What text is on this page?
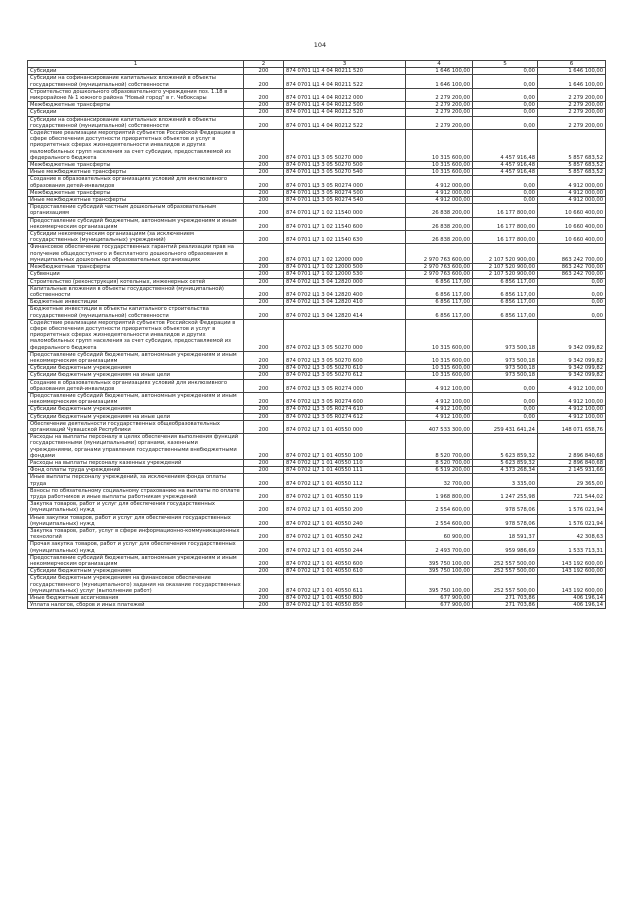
104
1	2	3	4	5	6
Субсидии	200	874 0701 Ц1 4 04 R0211 520	1 646 100,00	0,00	1 646 100,00
Субсидии на софинансирование капитальных вложений в объекты государственной (муниципальной) собственности	200	874 0701 Ц1 4 04 R0211 522	1 646 100,00	0,00	1 646 100,00
Строительство дошкольного образовательного учреждения поз. 1.18 в микрорайоне № 1 южного района "Новый город" в г. Чебоксары	200	874 0701 Ц1 4 04 R0212 000	2 279 200,00	0,00	2 279 200,00
Межбюджетные трансферты	200	874 0701 Ц1 4 04 R0212 500	2 279 200,00	0,00	2 279 200,00
Субсидии	200	874 0701 Ц1 4 04 R0212 520	2 279 200,00	0,00	2 279 200,00
Субсидии на софинансирование капитальных вложений в объекты государственной (муниципальной) собственности	200	874 0701 Ц1 4 04 R0212 522	2 279 200,00	0,00	2 279 200,00
Содействие реализации мероприятий субъектов Российской Федерации в сфере обеспечения доступности приоритетных объектов и услуг в приоритетных сферах жизнедеятельности инвалидов и других маломобильных групп населения за счет субсидии, предоставляемой из федерального бюджета	200	874 0701 Ц3 3 05 50270 000	10 315 600,00	4 457 916,48	5 857 683,52
Межбюджетные трансферты	200	874 0701 Ц3 3 05 50270 500	10 315 600,00	4 457 916,48	5 857 683,52
Иные межбюджетные трансферты	200	874 0701 Ц3 3 05 50270 540	10 315 600,00	4 457 916,48	5 857 683,52
Создание в образовательных организациях условий для инклюзивного образования детей-инвалидов	200	874 0701 Ц3 3 05 R0274 000	4 912 000,00	0,00	4 912 000,00
Межбюджетные трансферты	200	874 0701 Ц3 3 05 R0274 500	4 912 000,00	0,00	4 912 000,00
Иные межбюджетные трансферты	200	874 0701 Ц3 3 05 R0274 540	4 912 000,00	0,00	4 912 000,00
Предоставление субсидий частным дошкольным образовательным организациям	200	874 0701 Ц7 1 02 11540 000	26 838 200,00	16 177 800,00	10 660 400,00
Предоставление субсидий бюджетным, автономным учреждениям и иным некоммерческим организациям	200	874 0701 Ц7 1 02 11540 600	26 838 200,00	16 177 800,00	10 660 400,00
Субсидии некоммерческим организациям (за исключением государственных (муниципальных) учреждений)	200	874 0701 Ц7 1 02 11540 630	26 838 200,00	16 177 800,00	10 660 400,00
Финансовое обеспечение государственных гарантий реализации прав на получение общедоступного и бесплатного дошкольного образования в муниципальных дошкольных образовательных организациях	200	874 0701 Ц7 1 02 12000 000	2 970 763 600,00	2 107 520 900,00	863 242 700,00
Межбюджетные трансферты	200	874 0701 Ц7 1 02 12000 500	2 970 763 600,00	2 107 520 900,00	863 242 700,00
Субвенции	200	874 0701 Ц7 1 02 12000 530	2 970 763 600,00	2 107 520 900,00	863 242 700,00
Строительство (реконструкция) котельных, инженерных сетей	200	874 0702 Ц1 3 04 12820 000	6 856 117,00	6 856 117,00	0,00
Капитальные вложения в объекты государственной (муниципальной) собственности	200	874 0702 Ц1 3 04 12820 400	6 856 117,00	6 856 117,00	0,00
Бюджетные инвестиции	200	874 0702 Ц1 3 04 12820 410	6 856 117,00	6 856 117,00	0,00
Бюджетные инвестиции в объекты капитального строительства государственной (муниципальной) собственности	200	874 0702 Ц1 3 04 12820 414	6 856 117,00	6 856 117,00	0,00
Содействие реализации мероприятий субъектов Российской Федерации в сфере обеспечения доступности приоритетных объектов и услуг в приоритетных сферах жизнедеятельности инвалидов и других маломобильных групп населения за счет субсидии, предоставляемой из федерального бюджета	200	874 0702 Ц3 3 05 50270 000	10 315 600,00	973 500,18	9 342 099,82
Предоставление субсидий бюджетным, автономным учреждениям и иным некоммерческим организациям	200	874 0702 Ц3 3 05 50270 600	10 315 600,00	973 500,18	9 342 099,82
Субсидии бюджетным учреждениям	200	874 0702 Ц3 3 05 50270 610	10 315 600,00	973 500,18	9 342 099,82
Субсидии бюджетным учреждениям на иные цели	200	874 0702 Ц3 3 05 50270 612	10 315 600,00	973 500,18	9 342 099,82
Создание в образовательных организациях условий для инклюзивного образования детей-инвалидов	200	874 0702 Ц3 3 05 R0274 000	4 912 100,00	0,00	4 912 100,00
Предоставление субсидий бюджетным, автономным учреждениям и иным некоммерческим организациям	200	874 0702 Ц3 3 05 R0274 600	4 912 100,00	0,00	4 912 100,00
Субсидии бюджетным учреждениям	200	874 0702 Ц3 3 05 R0274 610	4 912 100,00	0,00	4 912 100,00
Субсидии бюджетным учреждениям на иные цели	200	874 0702 Ц3 3 05 R0274 612	4 912 100,00	0,00	4 912 100,00
Обеспечение деятельности государственных общеобразовательных организаций Чувашской Республики	200	874 0702 Ц7 1 01 40550 000	407 533 300,00	259 431 641,24	148 071 658,76
Расходы на выплаты персоналу в целях обеспечения выполнения функций государственными (муниципальными) органами, казенными учреждениями, органами управления государственными внебюджетными фондами	200	874 0702 Ц7 1 01 40550 100	8 520 700,00	5 623 859,32	2 896 840,68
Расходы на выплаты персоналу казенных учреждений	200	874 0702 Ц7 1 01 40550 110	8 520 700,00	5 623 859,32	2 896 840,68
Фонд оплаты труда учреждений	200	874 0702 Ц7 1 01 40550 111	6 519 200,00	4 373 268,34	2 145 931,66
Иные выплаты персоналу учреждений, за исключением фонда оплаты труда	200	874 0702 Ц7 1 01 40550 112	32 700,00	3 335,00	29 365,00
Взносы по обязательному социальному страхованию на выплаты по оплате труда работников и иные выплаты работникам учреждений	200	874 0702 Ц7 1 01 40550 119	1 968 800,00	1 247 255,98	721 544,02
Закупка товаров, работ и услуг для обеспечения государственных (муниципальных) нужд	200	874 0702 Ц7 1 01 40550 200	2 554 600,00	978 578,06	1 576 021,94
Иные закупки товаров, работ и услуг для обеспечения государственных (муниципальных) нужд	200	874 0702 Ц7 1 01 40550 240	2 554 600,00	978 578,06	1 576 021,94
Закупка товаров, работ, услуг в сфере информационно-коммуникационных технологий	200	874 0702 Ц7 1 01 40550 242	60 900,00	18 591,37	42 308,63
Прочая закупка товаров, работ и услуг для обеспечения государственных (муниципальных) нужд	200	874 0702 Ц7 1 01 40550 244	2 493 700,00	959 986,69	1 533 713,31
Предоставление субсидий бюджетным, автономным учреждениям и иным некоммерческим организациям	200	874 0702 Ц7 1 01 40550 600	395 750 100,00	252 557 500,00	143 192 600,00
Субсидии бюджетным учреждениям	200	874 0702 Ц7 1 01 40550 610	395 750 100,00	252 557 500,00	143 192 600,00
Субсидии бюджетным учреждениям на финансовое обеспечение государственного (муниципального) задания на оказание государственных (муниципальных) услуг (выполнение работ)	200	874 0702 Ц7 1 01 40550 611	395 750 100,00	252 557 500,00	143 192 600,00
Иные бюджетные ассигнования	200	874 0702 Ц7 1 01 40550 800	677 900,00	271 703,86	406 196,14
Уплата налогов, сборов и иных платежей	200	874 0702 Ц7 1 01 40550 850	677 900,00	271 703,86	406 196,14
